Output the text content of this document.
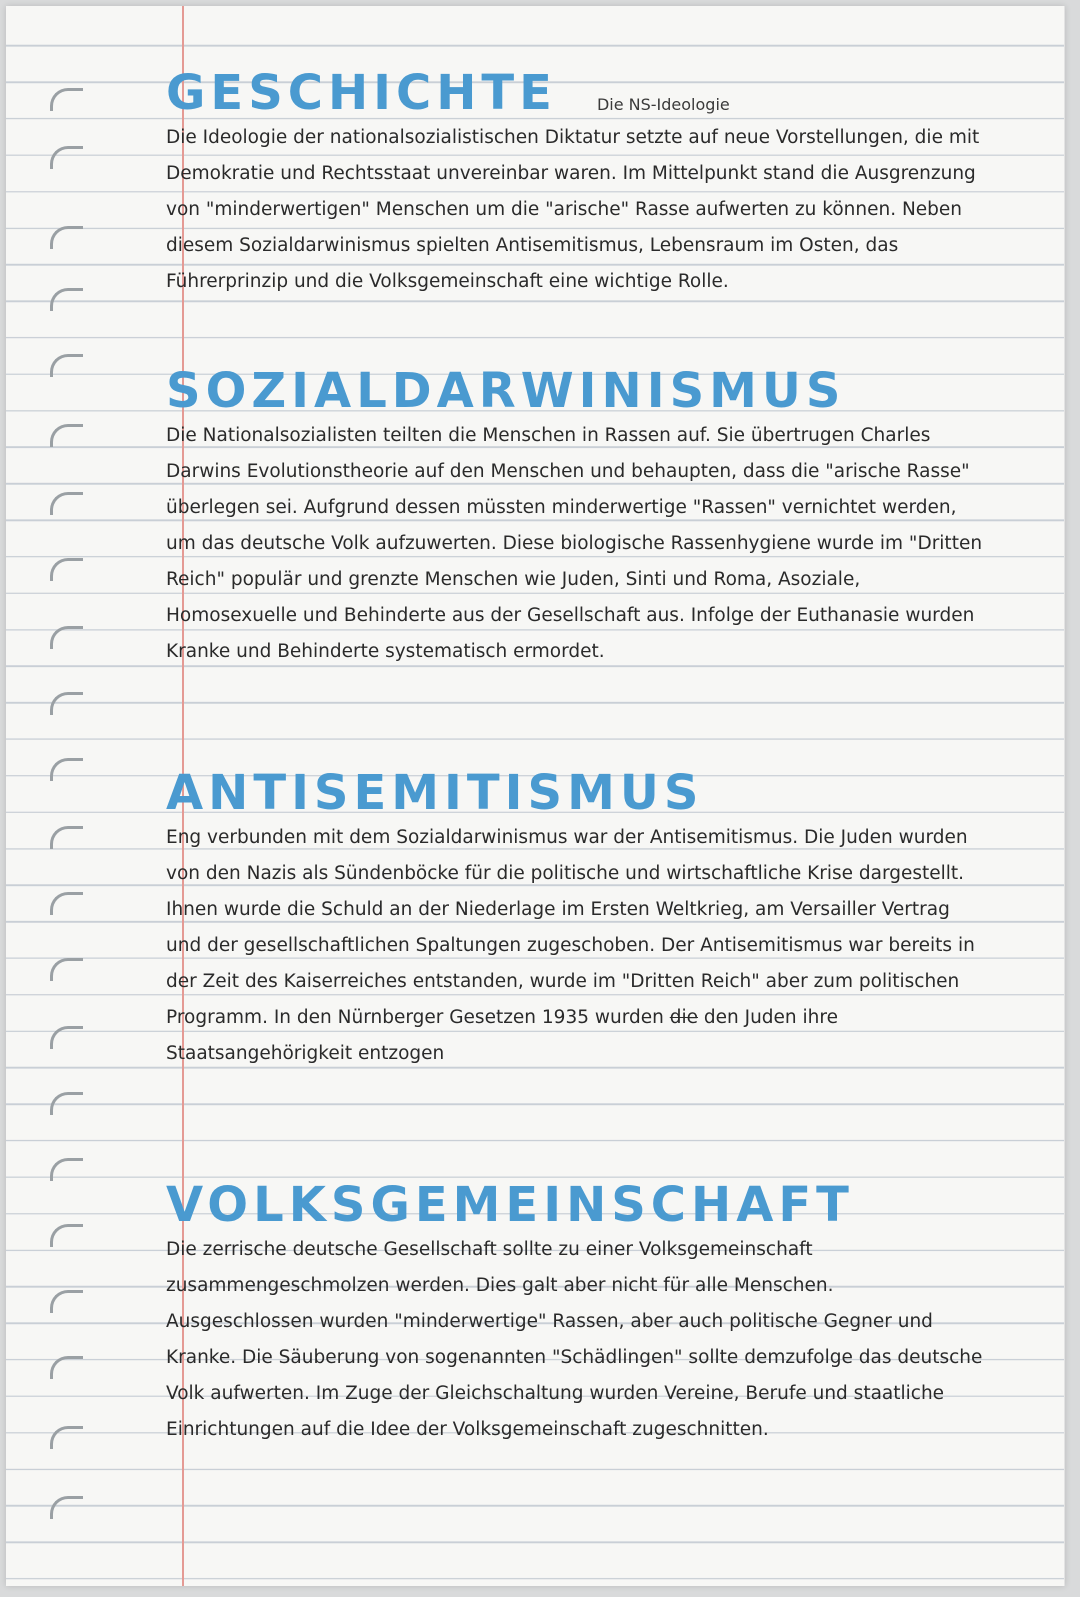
GESCHICHTE	Die NS-Ideologie

Die Ideologie der nationalsozialistischen Diktatur setzte auf neue Vorstellungen, die mit Demokratie und Rechtsstaat unvereinbar waren. Im Mittelpunkt stand die Ausgrenzung von "minderwertigen" Menschen um die "arische" Rasse aufwerten zu können. Neben diesem Sozialdarwinismus spielten Antisemitismus, Lebensraum im Osten, das Führerprinzip und die Volksgemeinschaft eine wichtige Rolle.

SOZIALDARWINISMUS

Die Nationalsozialisten teilten die Menschen in Rassen auf. Sie übertrugen Charles Darwins Evolutionstheorie auf den Menschen und behaupten, dass die "arische Rasse" überlegen sei. Aufgrund dessen müssten minderwertige "Rassen" vernichtet werden, um das deutsche Volk aufzuwerten. Diese biologische Rassenhygiene wurde im "Dritten Reich" populär und grenzte Menschen wie Juden, Sinti und Roma, Asoziale, Homosexuelle und Behinderte aus der Gesellschaft aus. Infolge der Euthanasie wurden Kranke und Behinderte systematisch ermordet.

ANTISEMITISMUS

Eng verbunden mit dem Sozialdarwinismus war der Antisemitismus. Die Juden wurden von den Nazis als Sündenböcke für die politische und wirtschaftliche Krise dargestellt. Ihnen wurde die Schuld an der Niederlage im Ersten Weltkrieg, am Versailler Vertrag und der gesellschaftlichen Spaltungen zugeschoben. Der Antisemitismus war bereits in der Zeit des Kaiserreiches entstanden, wurde im "Dritten Reich" aber zum politischen Programm. In den Nürnberger Gesetzen 1935 wurden die den Juden ihre Staatsangehörigkeit entzogen

VOLKSGEMEINSCHAFT

Die zerrische deutsche Gesellschaft sollte zu einer Volksgemeinschaft zusammengeschmolzen werden. Dies galt aber nicht für alle Menschen. Ausgeschlossen wurden "minderwertige" Rassen, aber auch politische Gegner und Kranke. Die Säuberung von sogenannten "Schädlingen" sollte demzufolge das deutsche Volk aufwerten. Im Zuge der Gleichschaltung wurden Vereine, Berufe und staatliche Einrichtungen auf die Idee der Volksgemeinschaft zugeschnitten.
